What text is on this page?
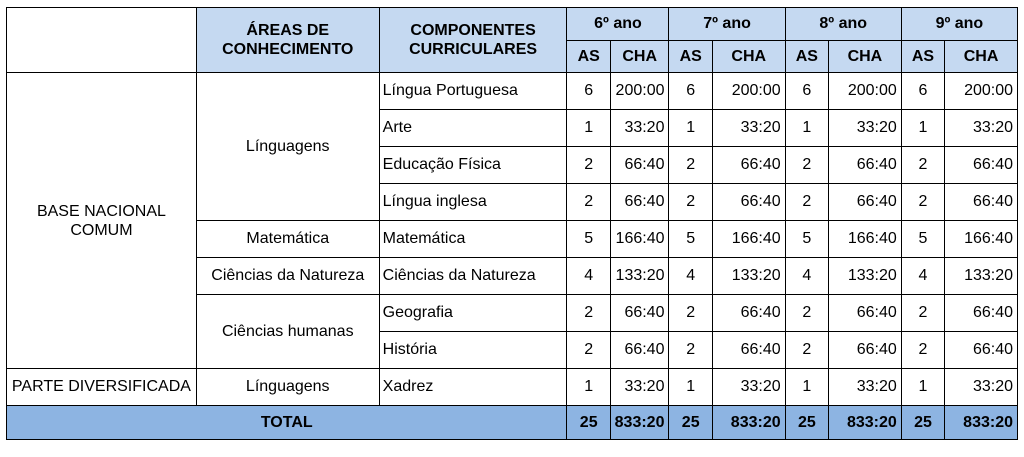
	ÁREAS DE
CONHECIMENTO	COMPONENTES
CURRICULARES	6º ano		7º ano		8º ano		9º ano	
			AS	CHA	AS	CHA	AS	CHA	AS	CHA
BASE NACIONAL
COMUM	Línguagens	Língua Portuguesa	6	200:00	6	200:00	6	200:00	6	200:00
		Arte	1	33:20	1	33:20	1	33:20	1	33:20
		Educação Física	2	66:40	2	66:40	2	66:40	2	66:40
		Língua inglesa	2	66:40	2	66:40	2	66:40	2	66:40
	Matemática	Matemática	5	166:40	5	166:40	5	166:40	5	166:40
	Ciências da Natureza	Ciências da Natureza	4	133:20	4	133:20	4	133:20	4	133:20
	Ciências humanas	Geografia	2	66:40	2	66:40	2	66:40	2	66:40
		História	2	66:40	2	66:40	2	66:40	2	66:40
PARTE DIVERSIFICADA	Línguagens	Xadrez	1	33:20	1	33:20	1	33:20	1	33:20
TOTAL			25	833:20	25	833:20	25	833:20	25	833:20
